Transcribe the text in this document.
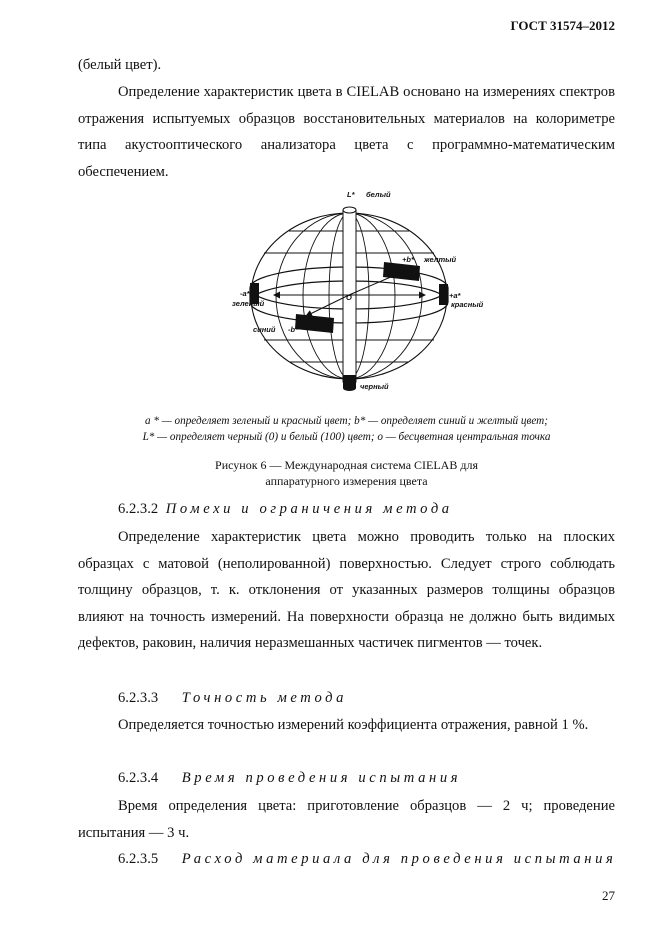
ГОСТ 31574–2012
(белый цвет).
Определение характеристик цвета в CIELAB основано на измерениях спектров отражения испытуемых образцов восстановительных материалов на колориметре типа акустооптического анализатора цвета с программно-математическим обеспечением.
L* белый
+b* желтый
-a*
зеленый
O	+a*
красный
синий -b*
черный
a * — определяет зеленый и красный цвет; b* — определяет синий и желтый цвет;
L* — определяет черный (0) и белый (100) цвет; o — бесцветная центральная точка
Рисунок 6 — Международная система CIELAB для
аппаратурного измерения цвета
6.2.3.2 Помехи и ограничения метода
Определение характеристик цвета можно проводить только на плоских образцах с матовой (неполированной) поверхностью. Следует строго соблюдать толщину образцов, т. к. отклонения от указанных размеров толщины образцов влияют на точность измерений. На поверхности образца не должно быть видимых дефектов, раковин, наличия неразмешанных частичек пигментов — точек.
6.2.3.3 Точность метода
Определяется точностью измерений коэффициента отражения, равной 1 %.
6.2.3.4 Время проведения испытания
Время определения цвета: приготовление образцов — 2 ч; проведение испытания — 3 ч.
6.2.3.5 Расход материала для проведения испытания
27
